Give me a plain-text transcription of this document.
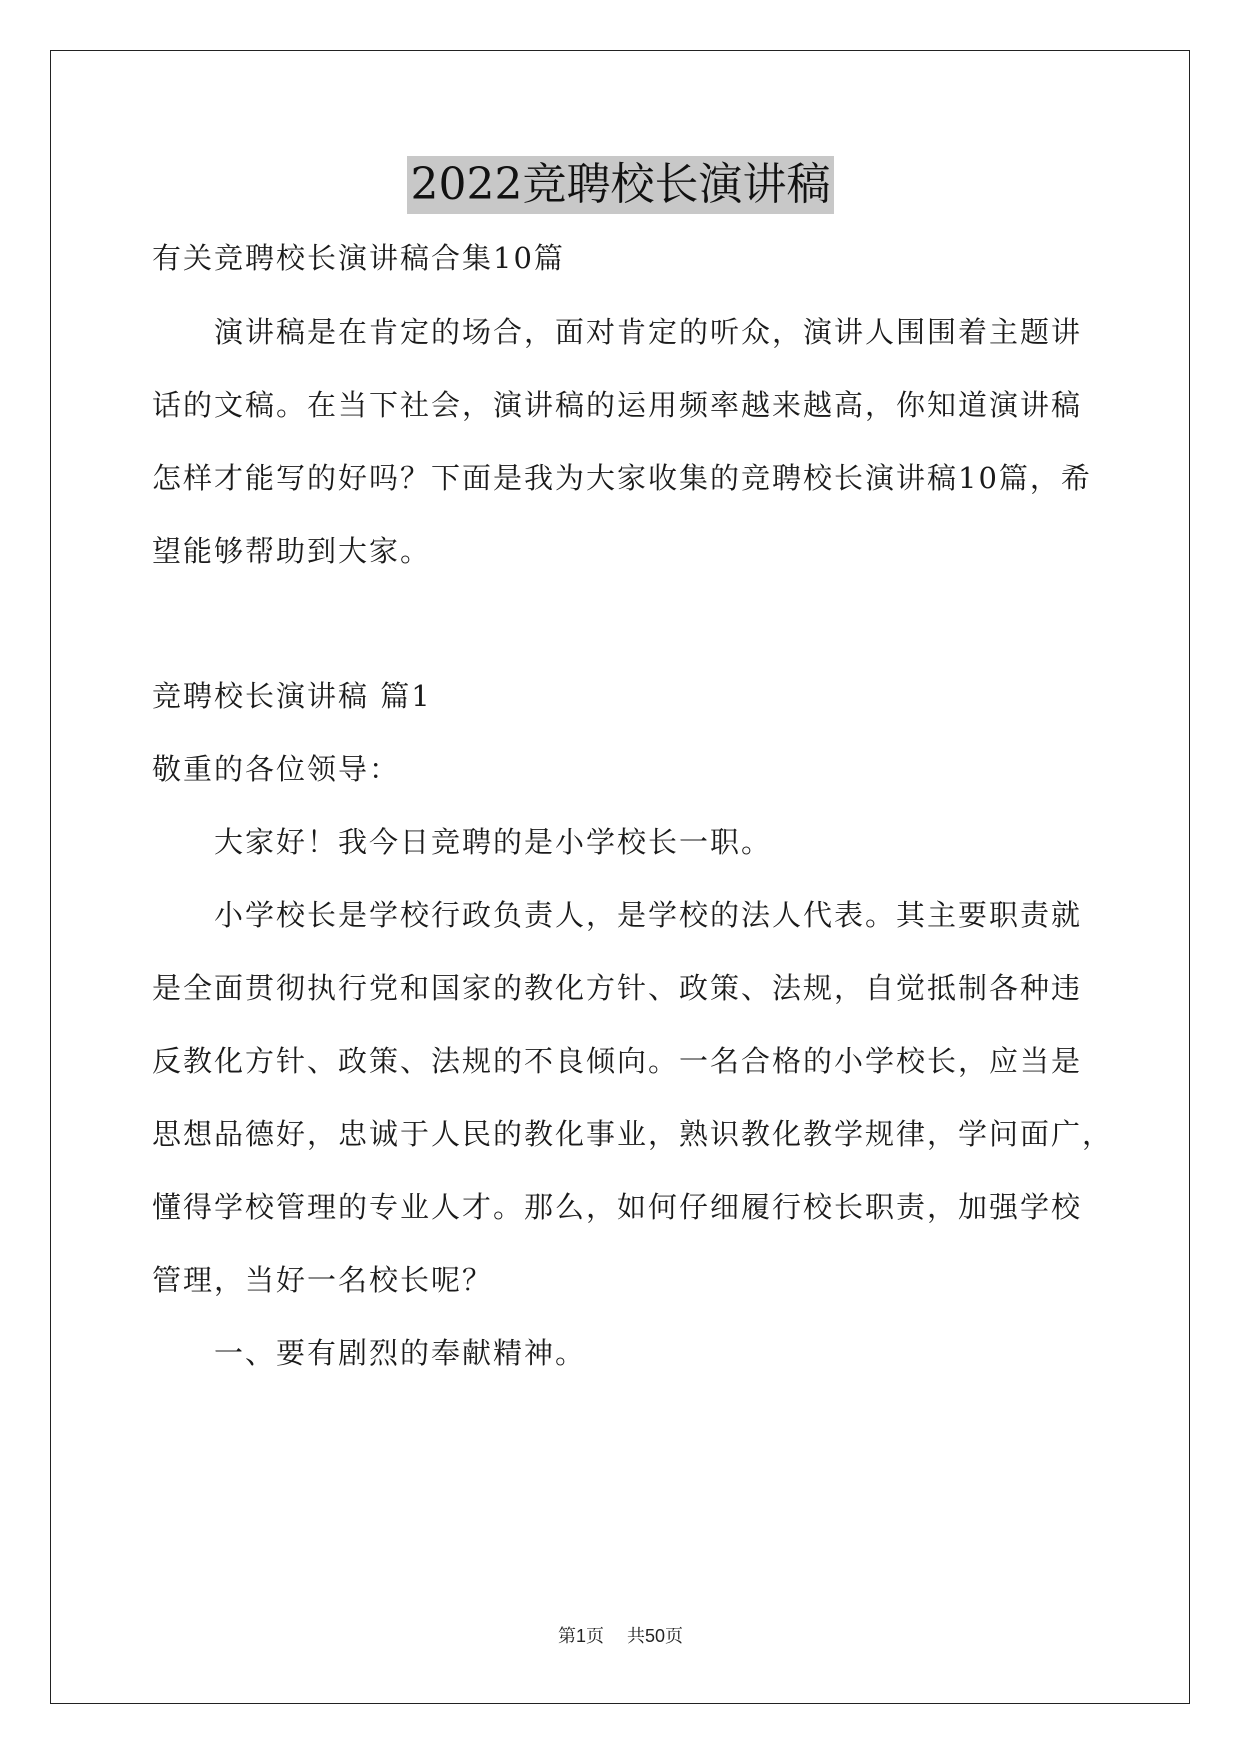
2022竞聘校长演讲稿
有关竞聘校长演讲稿合集10篇
演讲稿是在肯定的场合，面对肯定的听众，演讲人围围着主题讲
话的文稿。在当下社会，演讲稿的运用频率越来越高，你知道演讲稿
怎样才能写的好吗？下面是我为大家收集的竞聘校长演讲稿10篇，希
望能够帮助到大家。
竞聘校长演讲稿 篇1
敬重的各位领导：
大家好！我今日竞聘的是小学校长一职。
小学校长是学校行政负责人，是学校的法人代表。其主要职责就
是全面贯彻执行党和国家的教化方针、政策、法规，自觉抵制各种违
反教化方针、政策、法规的不良倾向。一名合格的小学校长，应当是
思想品德好，忠诚于人民的教化事业，熟识教化教学规律，学问面广，
懂得学校管理的专业人才。那么，如何仔细履行校长职责，加强学校
管理，当好一名校长呢？
一、要有剧烈的奉献精神。
第1页 共50页
